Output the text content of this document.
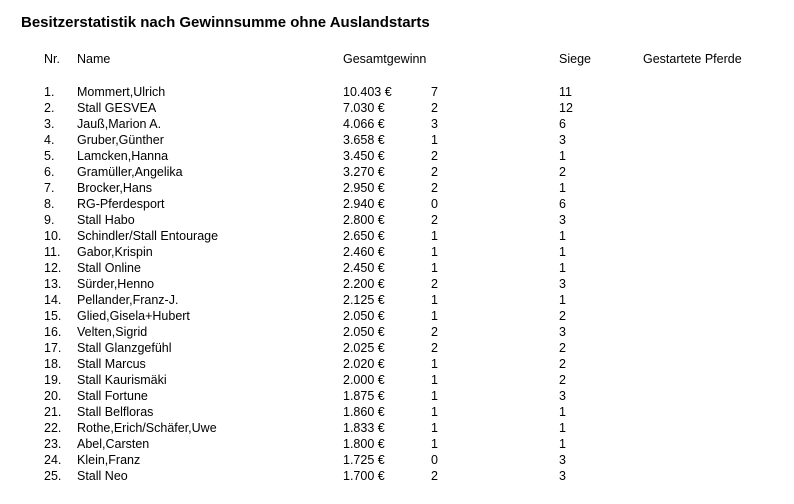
Besitzerstatistik nach Gewinnsumme ohne Auslandstarts
Nr. Name	Gesamtgewinn	Siege	Gestartete Pferde
1. Mommert,Ulrich	10.403 €	7	11
2. Stall GESVEA	7.030 €	2	12
3. Jauß,Marion A.	4.066 €	3	6
4. Gruber,Günther	3.658 €	1	3
5. Lamcken,Hanna	3.450 €	2	1
6. Gramüller,Angelika	3.270 €	2	2
7. Brocker,Hans	2.950 €	2	1
8. RG-Pferdesport	2.940 €	0	6
9. Stall Habo	2.800 €	2	3
10. Schindler/Stall Entourage	2.650 €	1	1
11. Gabor,Krispin	2.460 €	1	1
12. Stall Online	2.450 €	1	1
13. Sürder,Henno	2.200 €	2	3
14. Pellander,Franz-J.	2.125 €	1	1
15. Glied,Gisela+Hubert	2.050 €	1	2
16. Velten,Sigrid	2.050 €	2	3
17. Stall Glanzgefühl	2.025 €	2	2
18. Stall Marcus	2.020 €	1	2
19. Stall Kaurismäki	2.000 €	1	2
20. Stall Fortune	1.875 €	1	3
21. Stall Belfloras	1.860 €	1	1
22. Rothe,Erich/Schäfer,Uwe	1.833 €	1	1
23. Abel,Carsten	1.800 €	1	1
24. Klein,Franz	1.725 €	0	3
25. Stall Neo	1.700 €	2	3
